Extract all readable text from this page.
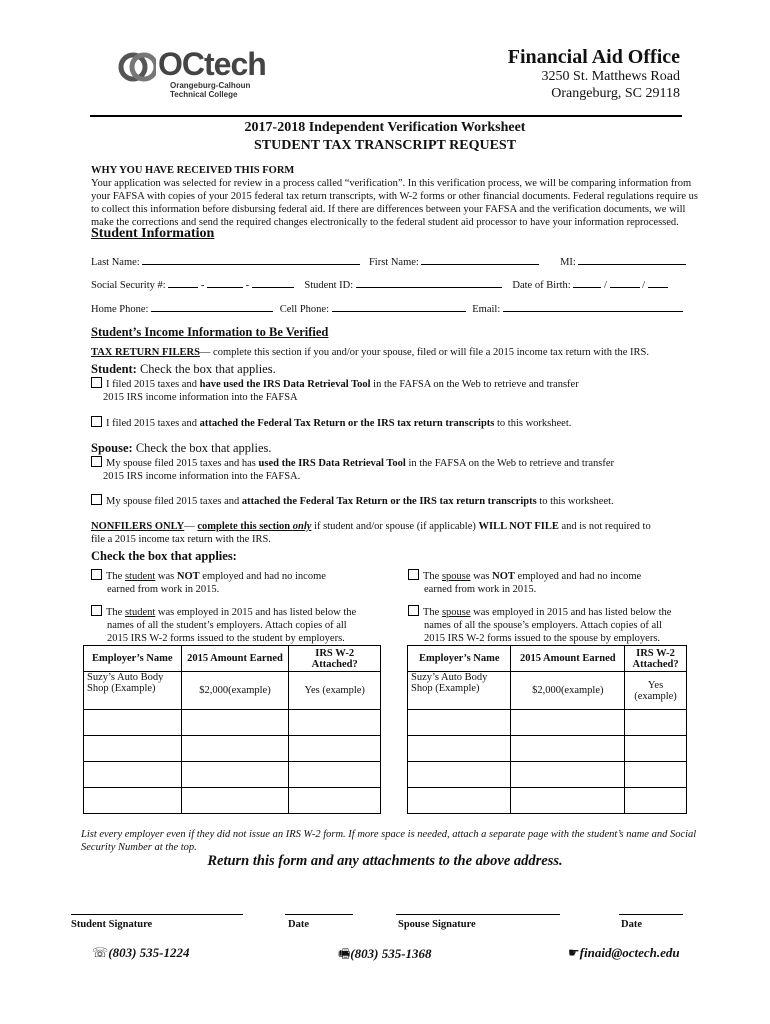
OCtech
Orangeburg-Calhoun
Technical College
Financial Aid Office
3250 St. Matthews Road
Orangeburg, SC 29118
2017-2018 Independent Verification Worksheet
STUDENT TAX TRANSCRIPT REQUEST
WHY YOU HAVE RECEIVED THIS FORM
Your application was selected for review in a process called “verification”. In this verification process, we will be comparing information from
your FAFSA with copies of your 2015 federal tax return transcripts, with W-2 forms or other financial documents. Federal regulations require us
to collect this information before disbursing federal aid. If there are differences between your FAFSA and the verification documents, we will
make the corrections and send the required changes electronically to the federal student aid processor to have your information reprocessed.
Student Information
Last Name:	First Name:	MI:
Social Security #:	-	-	Student ID:	Date of Birth:	/	/
Home Phone:	Cell Phone:	Email:
Student’s Income Information to Be Verified
TAX RETURN FILERS— complete this section if you and/or your spouse, filed or will file a 2015 income tax return with the IRS.
Student: Check the box that applies.
I filed 2015 taxes and have used the IRS Data Retrieval Tool in the FAFSA on the Web to retrieve and transfer
2015 IRS income information into the FAFSA
I filed 2015 taxes and attached the Federal Tax Return or the IRS tax return transcripts to this worksheet.
Spouse: Check the box that applies.
My spouse filed 2015 taxes and has used the IRS Data Retrieval Tool in the FAFSA on the Web to retrieve and transfer
2015 IRS income information into the FAFSA.
My spouse filed 2015 taxes and attached the Federal Tax Return or the IRS tax return transcripts to this worksheet.
NONFILERS ONLY— complete this section only if student and/or spouse (if applicable) WILL NOT FILE and is not required to
file a 2015 income tax return with the IRS.
Check the box that applies:
The student was NOT employed and had no income
earned from work in 2015.
The spouse was NOT employed and had no income
earned from work in 2015.
The student was employed in 2015 and has listed below the
names of all the student’s employers. Attach copies of all
2015 IRS W-2 forms issued to the student by employers.
The spouse was employed in 2015 and has listed below the
names of all the spouse’s employers. Attach copies of all
2015 IRS W-2 forms issued to the spouse by employers.
Employer’s Name	2015 Amount Earned	IRS W-2 Attached?
Suzy’s Auto Body Shop (Example)	$2,000(example)	Yes (example)

Employer’s Name	2015 Amount Earned	IRS W-2 Attached?
Suzy’s Auto Body Shop (Example)	$2,000(example)	Yes (example)

List every employer even if they did not issue an IRS W-2 form. If more space is needed, attach a separate page with the student’s name and Social
Security Number at the top.
Return this form and any attachments to the above address.
Student Signature	Date	Spouse Signature	Date
☏(803) 535-1224	🖷(803) 535-1368	☛finaid@octech.edu
